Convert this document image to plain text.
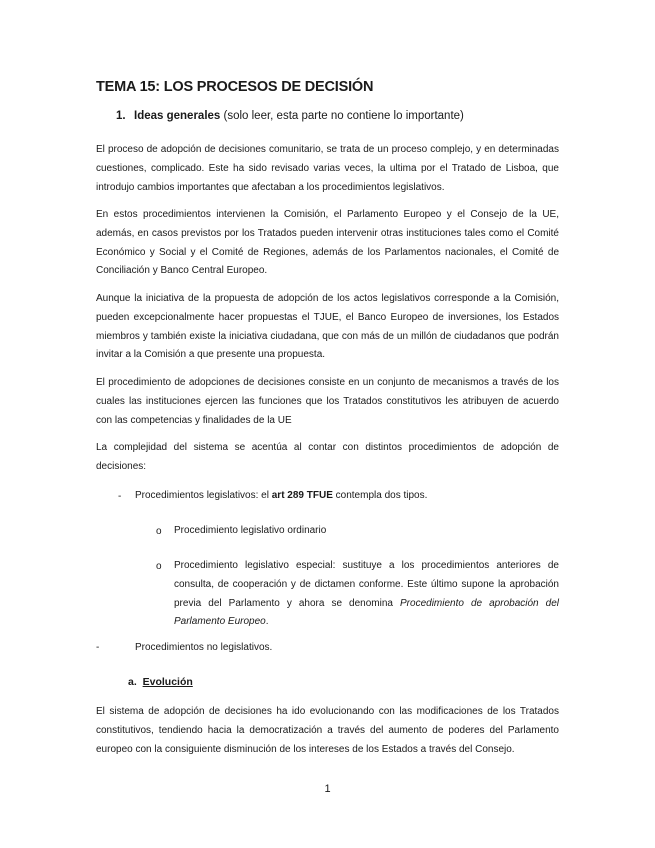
TEMA 15: LOS PROCESOS DE DECISIÓN
1. Ideas generales (solo leer, esta parte no contiene lo importante)
El proceso de adopción de decisiones comunitario, se trata de un proceso complejo, y en determinadas cuestiones, complicado. Este ha sido revisado varias veces, la ultima por el Tratado de Lisboa, que introdujo cambios importantes que afectaban a los procedimientos legislativos.
En estos procedimientos intervienen la Comisión, el Parlamento Europeo y el Consejo de la UE, además, en casos previstos por los Tratados pueden intervenir otras instituciones tales como el Comité Económico y Social y el Comité de Regiones, además de los Parlamentos nacionales, el Comité de Conciliación y Banco Central Europeo.
Aunque la iniciativa de la propuesta de adopción de los actos legislativos corresponde a la Comisión, pueden excepcionalmente hacer propuestas el TJUE, el Banco Europeo de inversiones, los Estados miembros y también existe la iniciativa ciudadana, que con más de un millón de ciudadanos que podrán invitar a la Comisión a que presente una propuesta.
El procedimiento de adopciones de decisiones consiste en un conjunto de mecanismos a través de los cuales las instituciones ejercen las funciones que los Tratados constitutivos les atribuyen de acuerdo con las competencias y finalidades de la UE
La complejidad del sistema se acentúa al contar con distintos procedimientos de adopción de decisiones:
- Procedimientos legislativos: el art 289 TFUE contempla dos tipos.
o Procedimiento legislativo ordinario
o Procedimiento legislativo especial: sustituye a los procedimientos anteriores de consulta, de cooperación y de dictamen conforme. Este último supone la aprobación previa del Parlamento y ahora se denomina Procedimiento de aprobación del Parlamento Europeo.
-	Procedimientos no legislativos.
a. Evolución
El sistema de adopción de decisiones ha ido evolucionando con las modificaciones de los Tratados constitutivos, tendiendo hacia la democratización a través del aumento de poderes del Parlamento europeo con la consiguiente disminución de los intereses de los Estados a través del Consejo.
1
